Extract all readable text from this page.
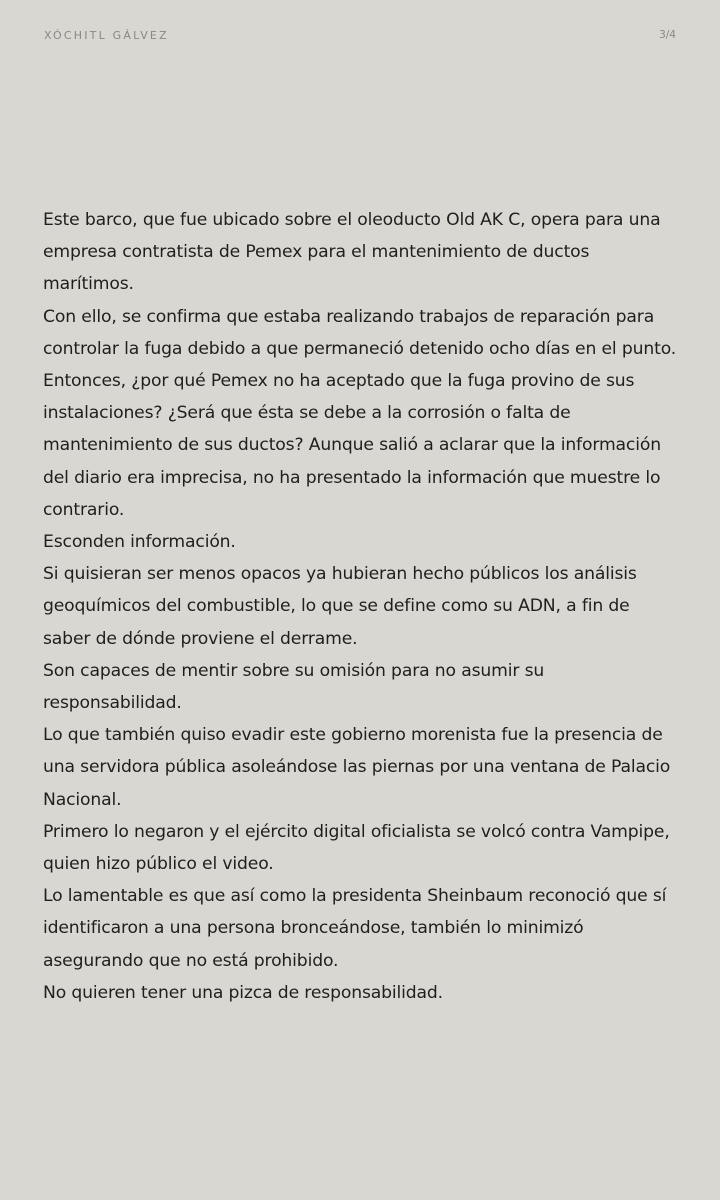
XÓCHITL GÁLVEZ	3/4

Este barco, que fue ubicado sobre el oleoducto Old AK C, opera para una empresa contratista de Pemex para el mantenimiento de ductos marítimos.

Con ello, se confirma que estaba realizando trabajos de reparación para controlar la fuga debido a que permaneció detenido ocho días en el punto.

Entonces, ¿por qué Pemex no ha aceptado que la fuga provino de sus instalaciones? ¿Será que ésta se debe a la corrosión o falta de mantenimiento de sus ductos? Aunque salió a aclarar que la información del diario era imprecisa, no ha presentado la información que muestre lo contrario.

Esconden información.

Si quisieran ser menos opacos ya hubieran hecho públicos los análisis geoquímicos del combustible, lo que se define como su ADN, a fin de saber de dónde proviene el derrame.

Son capaces de mentir sobre su omisión para no asumir su responsabilidad.

Lo que también quiso evadir este gobierno morenista fue la presencia de una servidora pública asoleándose las piernas por una ventana de Palacio Nacional.

Primero lo negaron y el ejército digital oficialista se volcó contra Vampipe, quien hizo público el video.

Lo lamentable es que así como la presidenta Sheinbaum reconoció que sí identificaron a una persona bronceándose, también lo minimizó asegurando que no está prohibido.

No quieren tener una pizca de responsabilidad.
